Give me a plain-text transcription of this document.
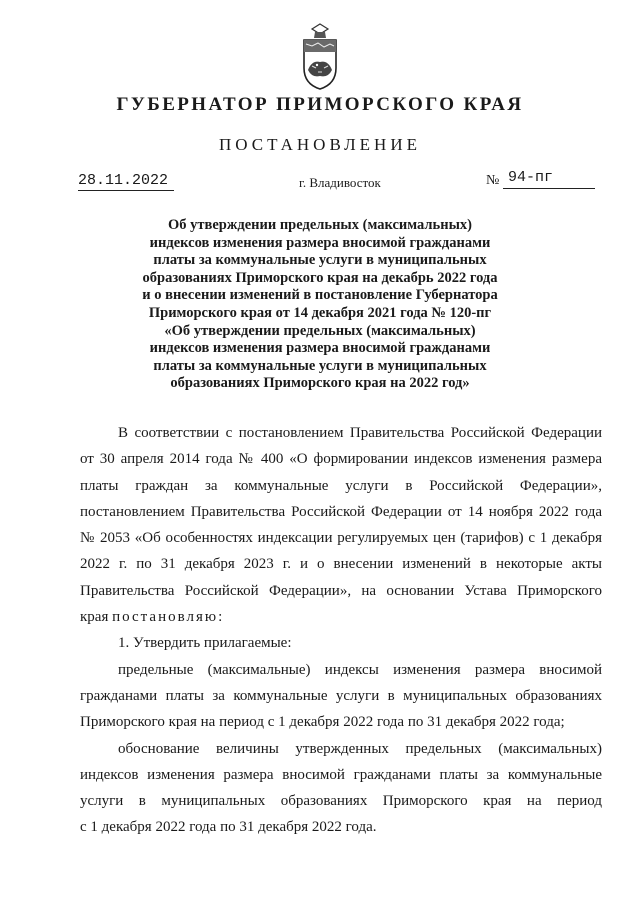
ГУБЕРНАТОР ПРИМОРСКОГО КРАЯ
ПОСТАНОВЛЕНИЕ
28.11.2022	г. Владивосток	№ 94-пг
Об утверждении предельных (максимальных)
индексов изменения размера вносимой гражданами
платы за коммунальные услуги в муниципальных
образованиях Приморского края на декабрь 2022 года
и о внесении изменений в постановление Губернатора
Приморского края от 14 декабря 2021 года № 120-пг
«Об утверждении предельных (максимальных)
индексов изменения размера вносимой гражданами
платы за коммунальные услуги в муниципальных
образованиях Приморского края на 2022 год»
В соответствии с постановлением Правительства Российской Федерации
от 30 апреля 2014 года № 400 «О формировании индексов изменения размера
платы граждан за коммунальные услуги в Российской Федерации»,
постановлением Правительства Российской Федерации от 14 ноября 2022 года
№ 2053 «Об особенностях индексации регулируемых цен (тарифов) с 1 декабря
2022 г. по 31 декабря 2023 г. и о внесении изменений в некоторые акты
Правительства Российской Федерации», на основании Устава Приморского
края постановляю:
1. Утвердить прилагаемые:
предельные (максимальные) индексы изменения размера вносимой
гражданами платы за коммунальные услуги в муниципальных образованиях
Приморского края на период с 1 декабря 2022 года по 31 декабря 2022 года;
обоснование величины утвержденных предельных (максимальных)
индексов изменения размера вносимой гражданами платы за коммунальные
услуги в муниципальных образованиях Приморского края на период
с 1 декабря 2022 года по 31 декабря 2022 года.
